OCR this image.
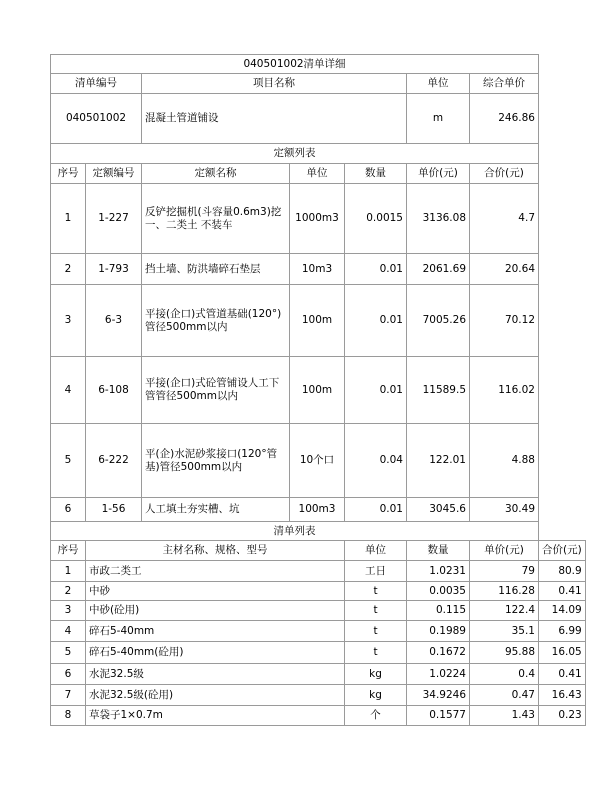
040501002清单详细							
清单编号		项目名称			单位	综合单价	
040501002		混凝土管道铺设			m	246.86	
定额列表							
序号	定额编号	定额名称	单位	数量	单价(元)	合价(元)	
1	1-227	反铲挖掘机(斗容量0.6m3)挖一、二类土 不装车	1000m3	0.0015	3136.08	4.7	
2	1-793	挡土墙、防洪墙碎石垫层	10m3	0.01	2061.69	20.64	
3	6-3	平接(企口)式管道基础(120°)管径500mm以内	100m	0.01	7005.26	70.12	
4	6-108	平接(企口)式砼管铺设人工下管管径500mm以内	100m	0.01	11589.5	116.02	
5	6-222	平(企)水泥砂浆接口(120°管基)管径500mm以内	10个口	0.04	122.01	4.88	
6	1-56	人工填土夯实槽、坑	100m3	0.01	3045.6	30.49	
清单列表							
序号	主材名称、规格、型号			单位	数量	单价(元)	合价(元)
1	市政二类工			工日	1.0231	79	80.9
2	中砂			t	0.0035	116.28	0.41
3	中砂(砼用)			t	0.115	122.4	14.09
4	碎石5-40mm			t	0.1989	35.1	6.99
5	碎石5-40mm(砼用)			t	0.1672	95.88	16.05
6	水泥32.5级			kg	1.0224	0.4	0.41
7	水泥32.5级(砼用)			kg	34.9246	0.47	16.43
8	草袋子1×0.7m			个	0.1577	1.43	0.23
